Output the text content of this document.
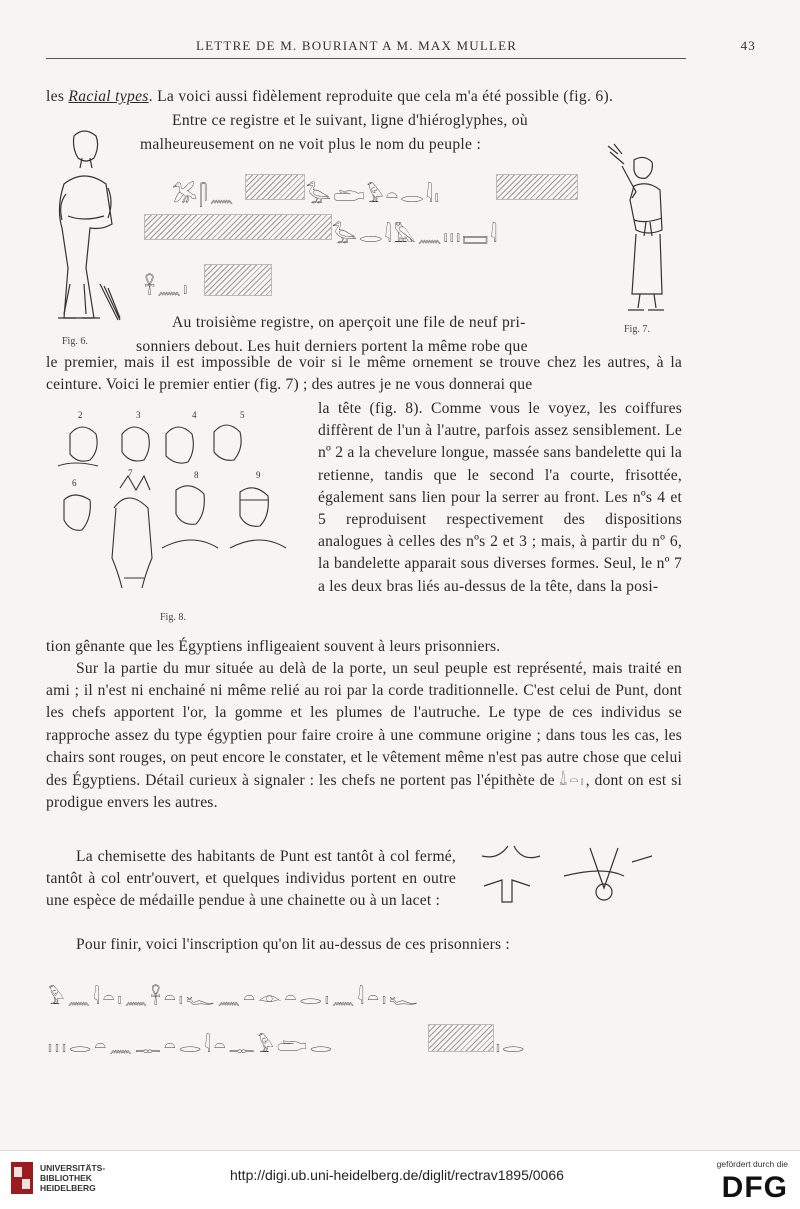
LETTRE DE M. BOURIANT A M. MAX MULLER	43
les Racial types. La voici aussi fidèlement reproduite que cela m'a été possible (fig. 6).
Entre ce registre et le suivant, ligne d'hiéroglyphes, où
malheureusement on ne voit plus le nom du peuple :
Fig. 6.
𓅮𓋴𓈖	𓅭𓂧𓅱𓏏𓂋𓇋𓏤
𓅭𓂋𓇋𓅓𓈖𓏤𓏤𓏤𓈙𓇋
𓋹𓈖𓏤
Au troisième registre, on aperçoit une file de neuf pri-
sonniers debout. Les huit derniers portent la même robe que
Fig. 7.
le premier, mais il est impossible de voir si le même ornement se trouve chez les autres, à la ceinture. Voici le premier entier (fig. 7) ; des autres je ne vous donnerai que
2	3	4	5
6
7	8	9
Fig. 8.
la tête (fig. 8). Comme vous le voyez, les coiffures diffèrent de l'un à l'autre, parfois assez sensiblement. Le nº 2 a la chevelure longue, massée sans bandelette qui la retienne, tandis que le second l'a courte, frisottée, également sans lien pour la serrer au front. Les nºs 4 et 5 reproduisent respectivement des dispositions analogues à celles des nºs 2 et 3 ; mais, à partir du nº 6, la bandelette apparait sous diverses formes. Seul, le nº 7 a les deux bras liés au-dessus de la tête, dans la posi-
tion gênante que les Égyptiens infligeaient souvent à leurs prisonniers.
Sur la partie du mur située au delà de la porte, un seul peuple est représenté, mais traité en ami ; il n'est ni enchainé ni même relié au roi par la corde traditionnelle. C'est celui de Punt, dont les chefs apportent l'or, la gomme et les plumes de l'autruche. Le type de ces individus se rapproche assez du type égyptien pour faire croire à une commune origine ; dans tous les cas, les chairs sont rouges, on peut encore le constater, et le vêtement même n'est pas autre chose que celui des Égyptiens. Détail curieux à signaler : les chefs ne portent pas l'épithète de 𓍑𓏏𓏤, dont on est si prodigue envers les autres.
La chemisette des habitants de Punt est tantôt à col fermé, tantôt à col entr'ouvert, et quelques individus portent en outre une espèce de médaille pendue à une chainette ou à un lacet :
Pour finir, voici l'inscription qu'on lit au-dessus de ces prisonniers :
𓅱𓈖𓇋𓏏𓏤𓈖𓋹𓏏𓏤𓆑𓈖𓏏𓁹𓏏𓂋𓏤𓈖𓇋𓏏𓏤𓆑
𓏤𓏤𓏤𓂋𓏏𓈖𓊃𓏏𓂋𓇋𓏏𓊃𓅱𓂧𓂋	𓏤𓂋
UNIVERSITÄTS-
BIBLIOTHEK
HEIDELBERG
http://digi.ub.uni-heidelberg.de/diglit/rectrav1895/0066
gefördert durch die
DFG
